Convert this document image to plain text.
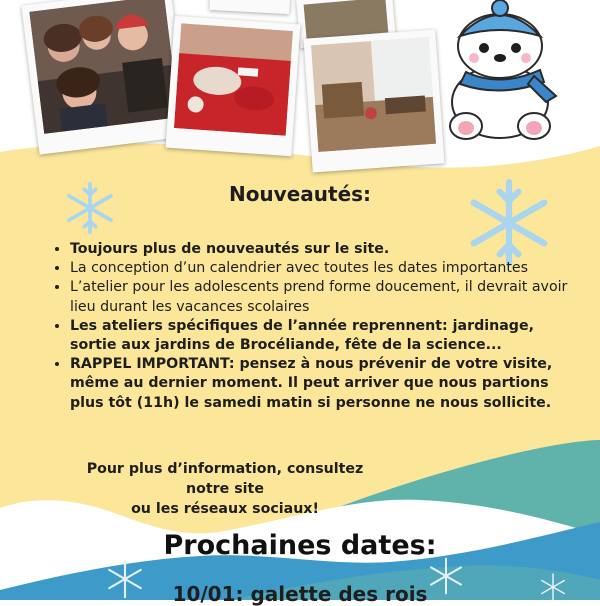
Nouveautés:
• Toujours plus de nouveautés sur le site.
• La conception d’un calendrier avec toutes les dates importantes
• L’atelier pour les adolescents prend forme doucement, il devrait avoir lieu durant les vacances scolaires
• Les ateliers spécifiques de l’année reprennent: jardinage, sortie aux jardins de Brocéliande, fête de la science...
• RAPPEL IMPORTANT: pensez à nous prévenir de votre visite, même au dernier moment. Il peut arriver que nous partions plus tôt (11h) le samedi matin si personne ne nous sollicite.
Pour plus d’information, consultez notre site
ou les réseaux sociaux!
Prochaines dates:
10/01: galette des rois
